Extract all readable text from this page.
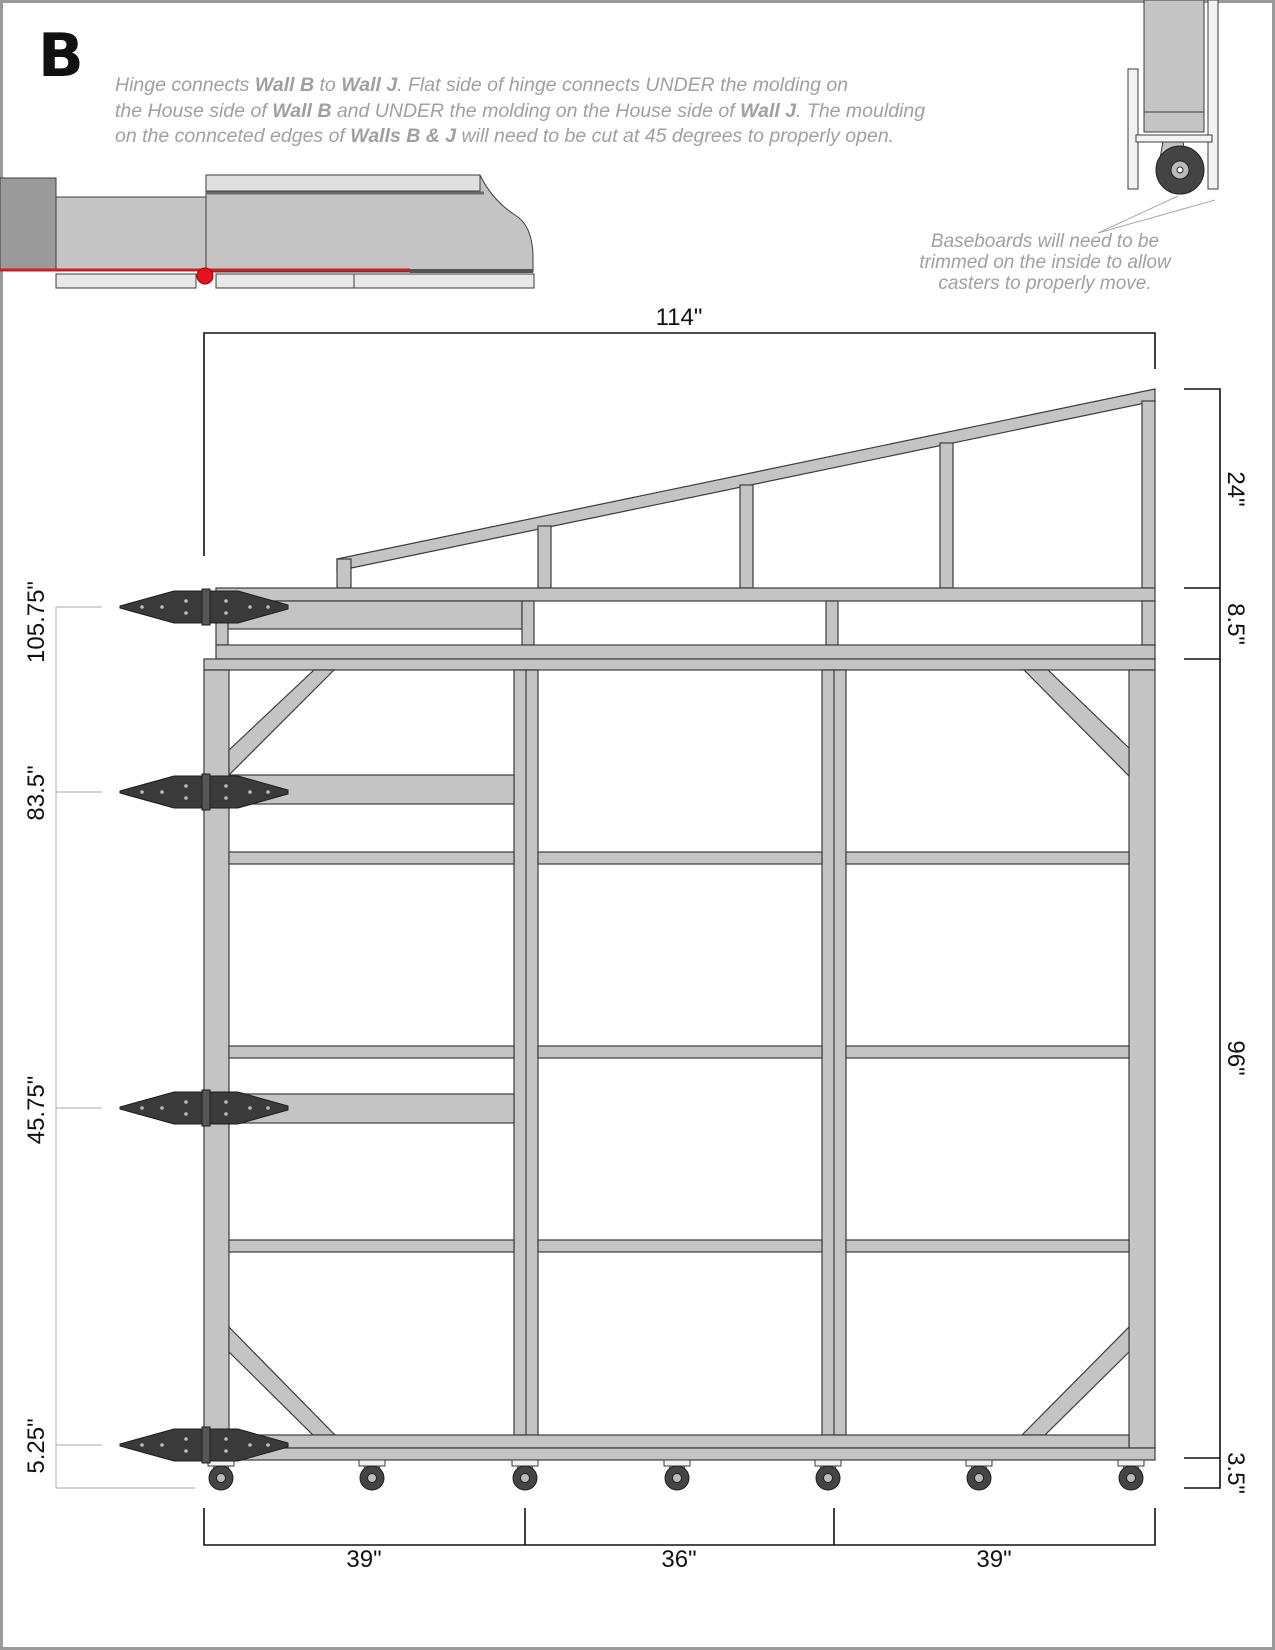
B Hinge connects Wall B to Wall J. Flat side of hinge connects UNDER the molding on
the House side of Wall B and UNDER the molding on the House side of Wall J. The moulding
on the connceted edges of Walls B & J will need to be cut at 45 degrees to properly open.
Baseboards will need to be
trimmed on the inside to allow
casters to properly move.
114"
24"
8.5"
96"
3.5"
105.75"
83.5"
45.75"
5.25"
39"	36"	39"
